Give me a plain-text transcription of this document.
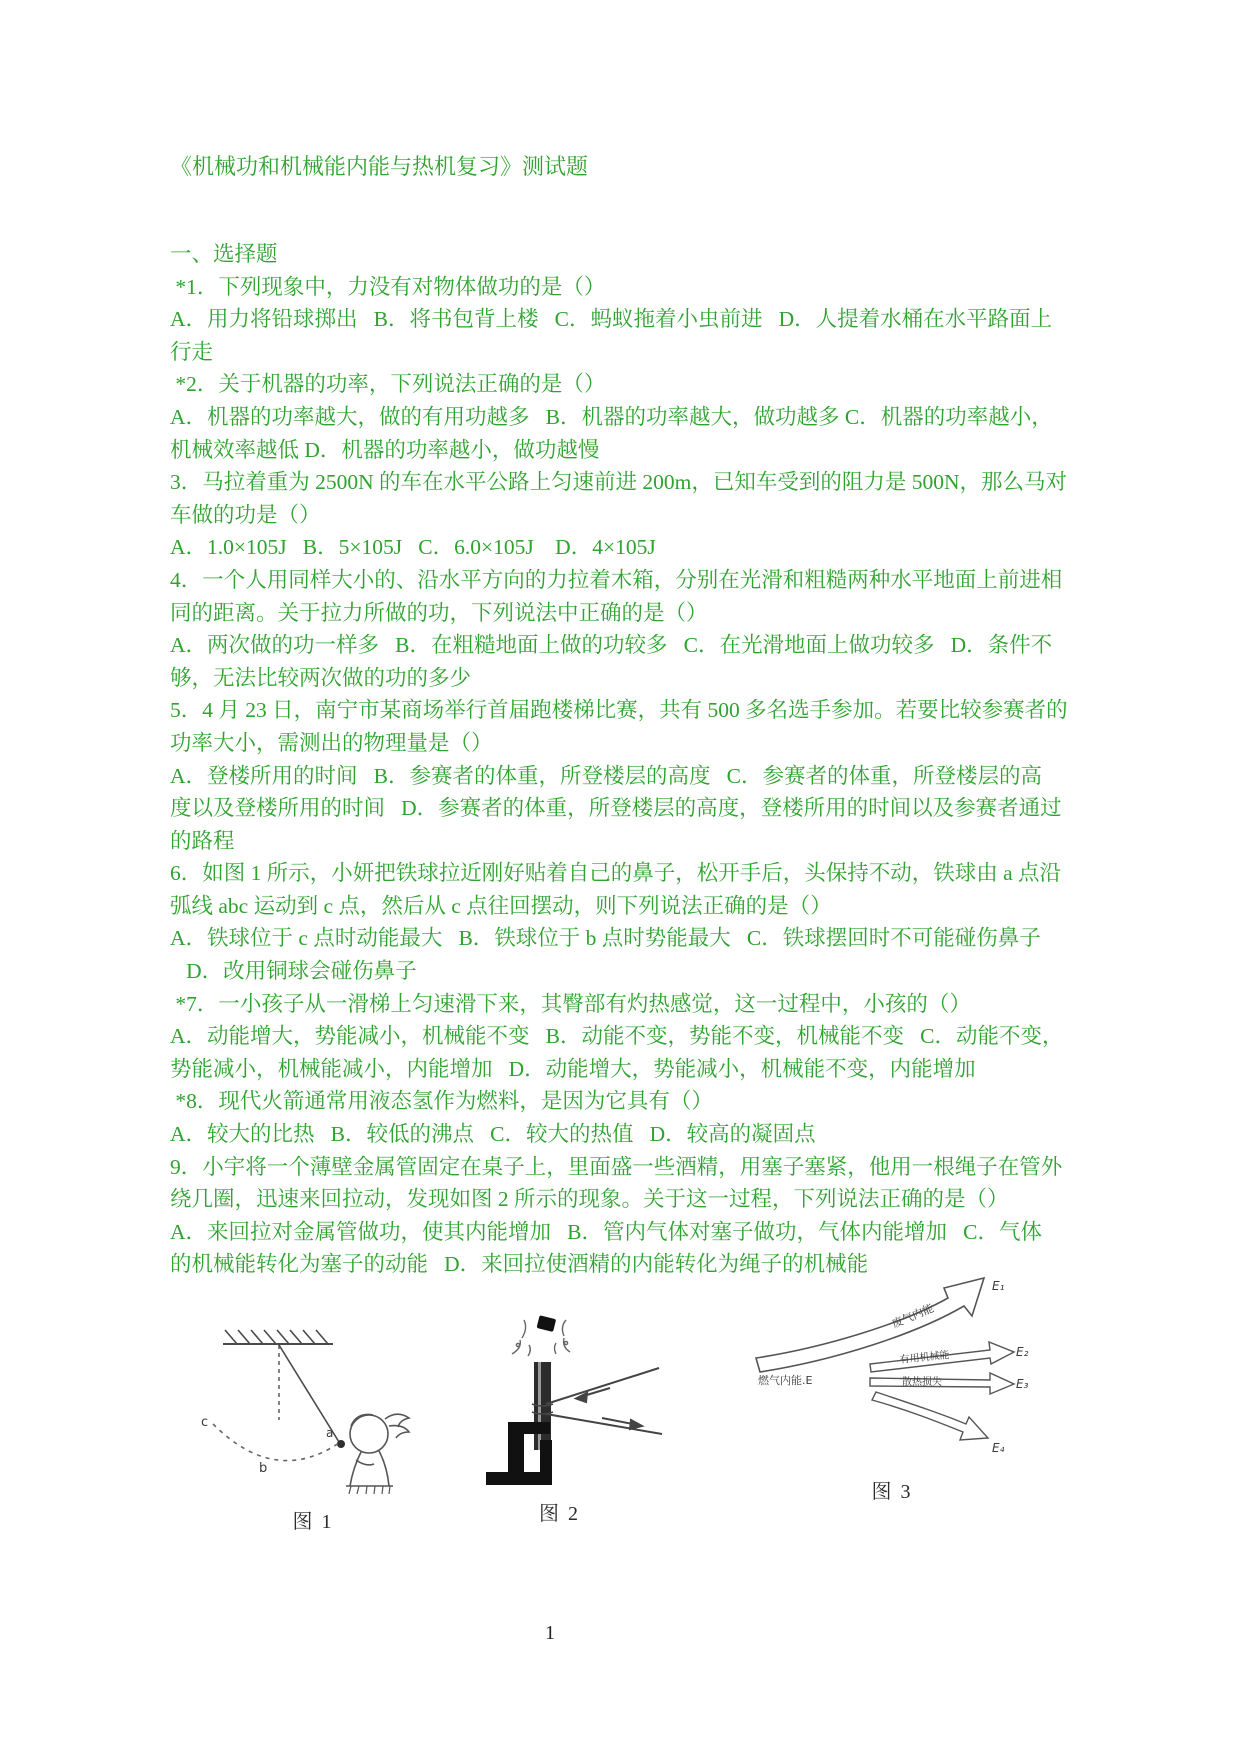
《机械功和机械能内能与热机复习》测试题
一、选择题
*1．下列现象中，力没有对物体做功的是（）
A．用力将铅球掷出   B．将书包背上楼   C．蚂蚁拖着小虫前进   D．人提着水桶在水平路面上
行走
*2．关于机器的功率，下列说法正确的是（）
A．机器的功率越大，做的有用功越多   B．机器的功率越大，做功越多 C．机器的功率越小，
机械效率越低 D．机器的功率越小，做功越慢
3．马拉着重为 2500N 的车在水平公路上匀速前进 200m，已知车受到的阻力是 500N，那么马对
车做的功是（）
A．1.0×105J   B．5×105J   C．6.0×105J    D．4×105J
4．一个人用同样大小的、沿水平方向的力拉着木箱，分别在光滑和粗糙两种水平地面上前进相
同的距离。关于拉力所做的功，下列说法中正确的是（）
A．两次做的功一样多   B．在粗糙地面上做的功较多   C．在光滑地面上做功较多   D．条件不
够，无法比较两次做的功的多少
5．4 月 23 日，南宁市某商场举行首届跑楼梯比赛，共有 500 多名选手参加。若要比较参赛者的
功率大小，需测出的物理量是（）
A．登楼所用的时间   B．参赛者的体重，所登楼层的高度   C．参赛者的体重，所登楼层的高
度以及登楼所用的时间   D．参赛者的体重，所登楼层的高度，登楼所用的时间以及参赛者通过
的路程
6．如图 1 所示，小妍把铁球拉近刚好贴着自己的鼻子，松开手后，头保持不动，铁球由 a 点沿
弧线 abc 运动到 c 点，然后从 c 点往回摆动，则下列说法正确的是（）
A．铁球位于 c 点时动能最大   B．铁球位于 b 点时势能最大   C．铁球摆回时不可能碰伤鼻子
D．改用铜球会碰伤鼻子
*7．一小孩子从一滑梯上匀速滑下来，其臀部有灼热感觉，这一过程中，小孩的（）
A．动能增大，势能减小，机械能不变   B．动能不变，势能不变，机械能不变   C．动能不变，
势能减小，机械能减小，内能增加   D．动能增大，势能减小，机械能不变，内能增加
*8．现代火箭通常用液态氢作为燃料，是因为它具有（）
A．较大的比热   B．较低的沸点   C．较大的热值   D．较高的凝固点
9．小宇将一个薄壁金属管固定在桌子上，里面盛一些酒精，用塞子塞紧，他用一根绳子在管外
绕几圈，迅速来回拉动，发现如图 2 所示的现象。关于这一过程，下列说法正确的是（）
A．来回拉对金属管做功，使其内能增加   B．管内气体对塞子做功，气体内能增加   C．气体
的机械能转化为塞子的动能   D．来回拉使酒精的内能转化为绳子的机械能
c
b
a
图 1	图 2
废气内能
E₁
燃气内能.E
有用机械能	E₂
散热损失	E₃
E₄
图 3
1
